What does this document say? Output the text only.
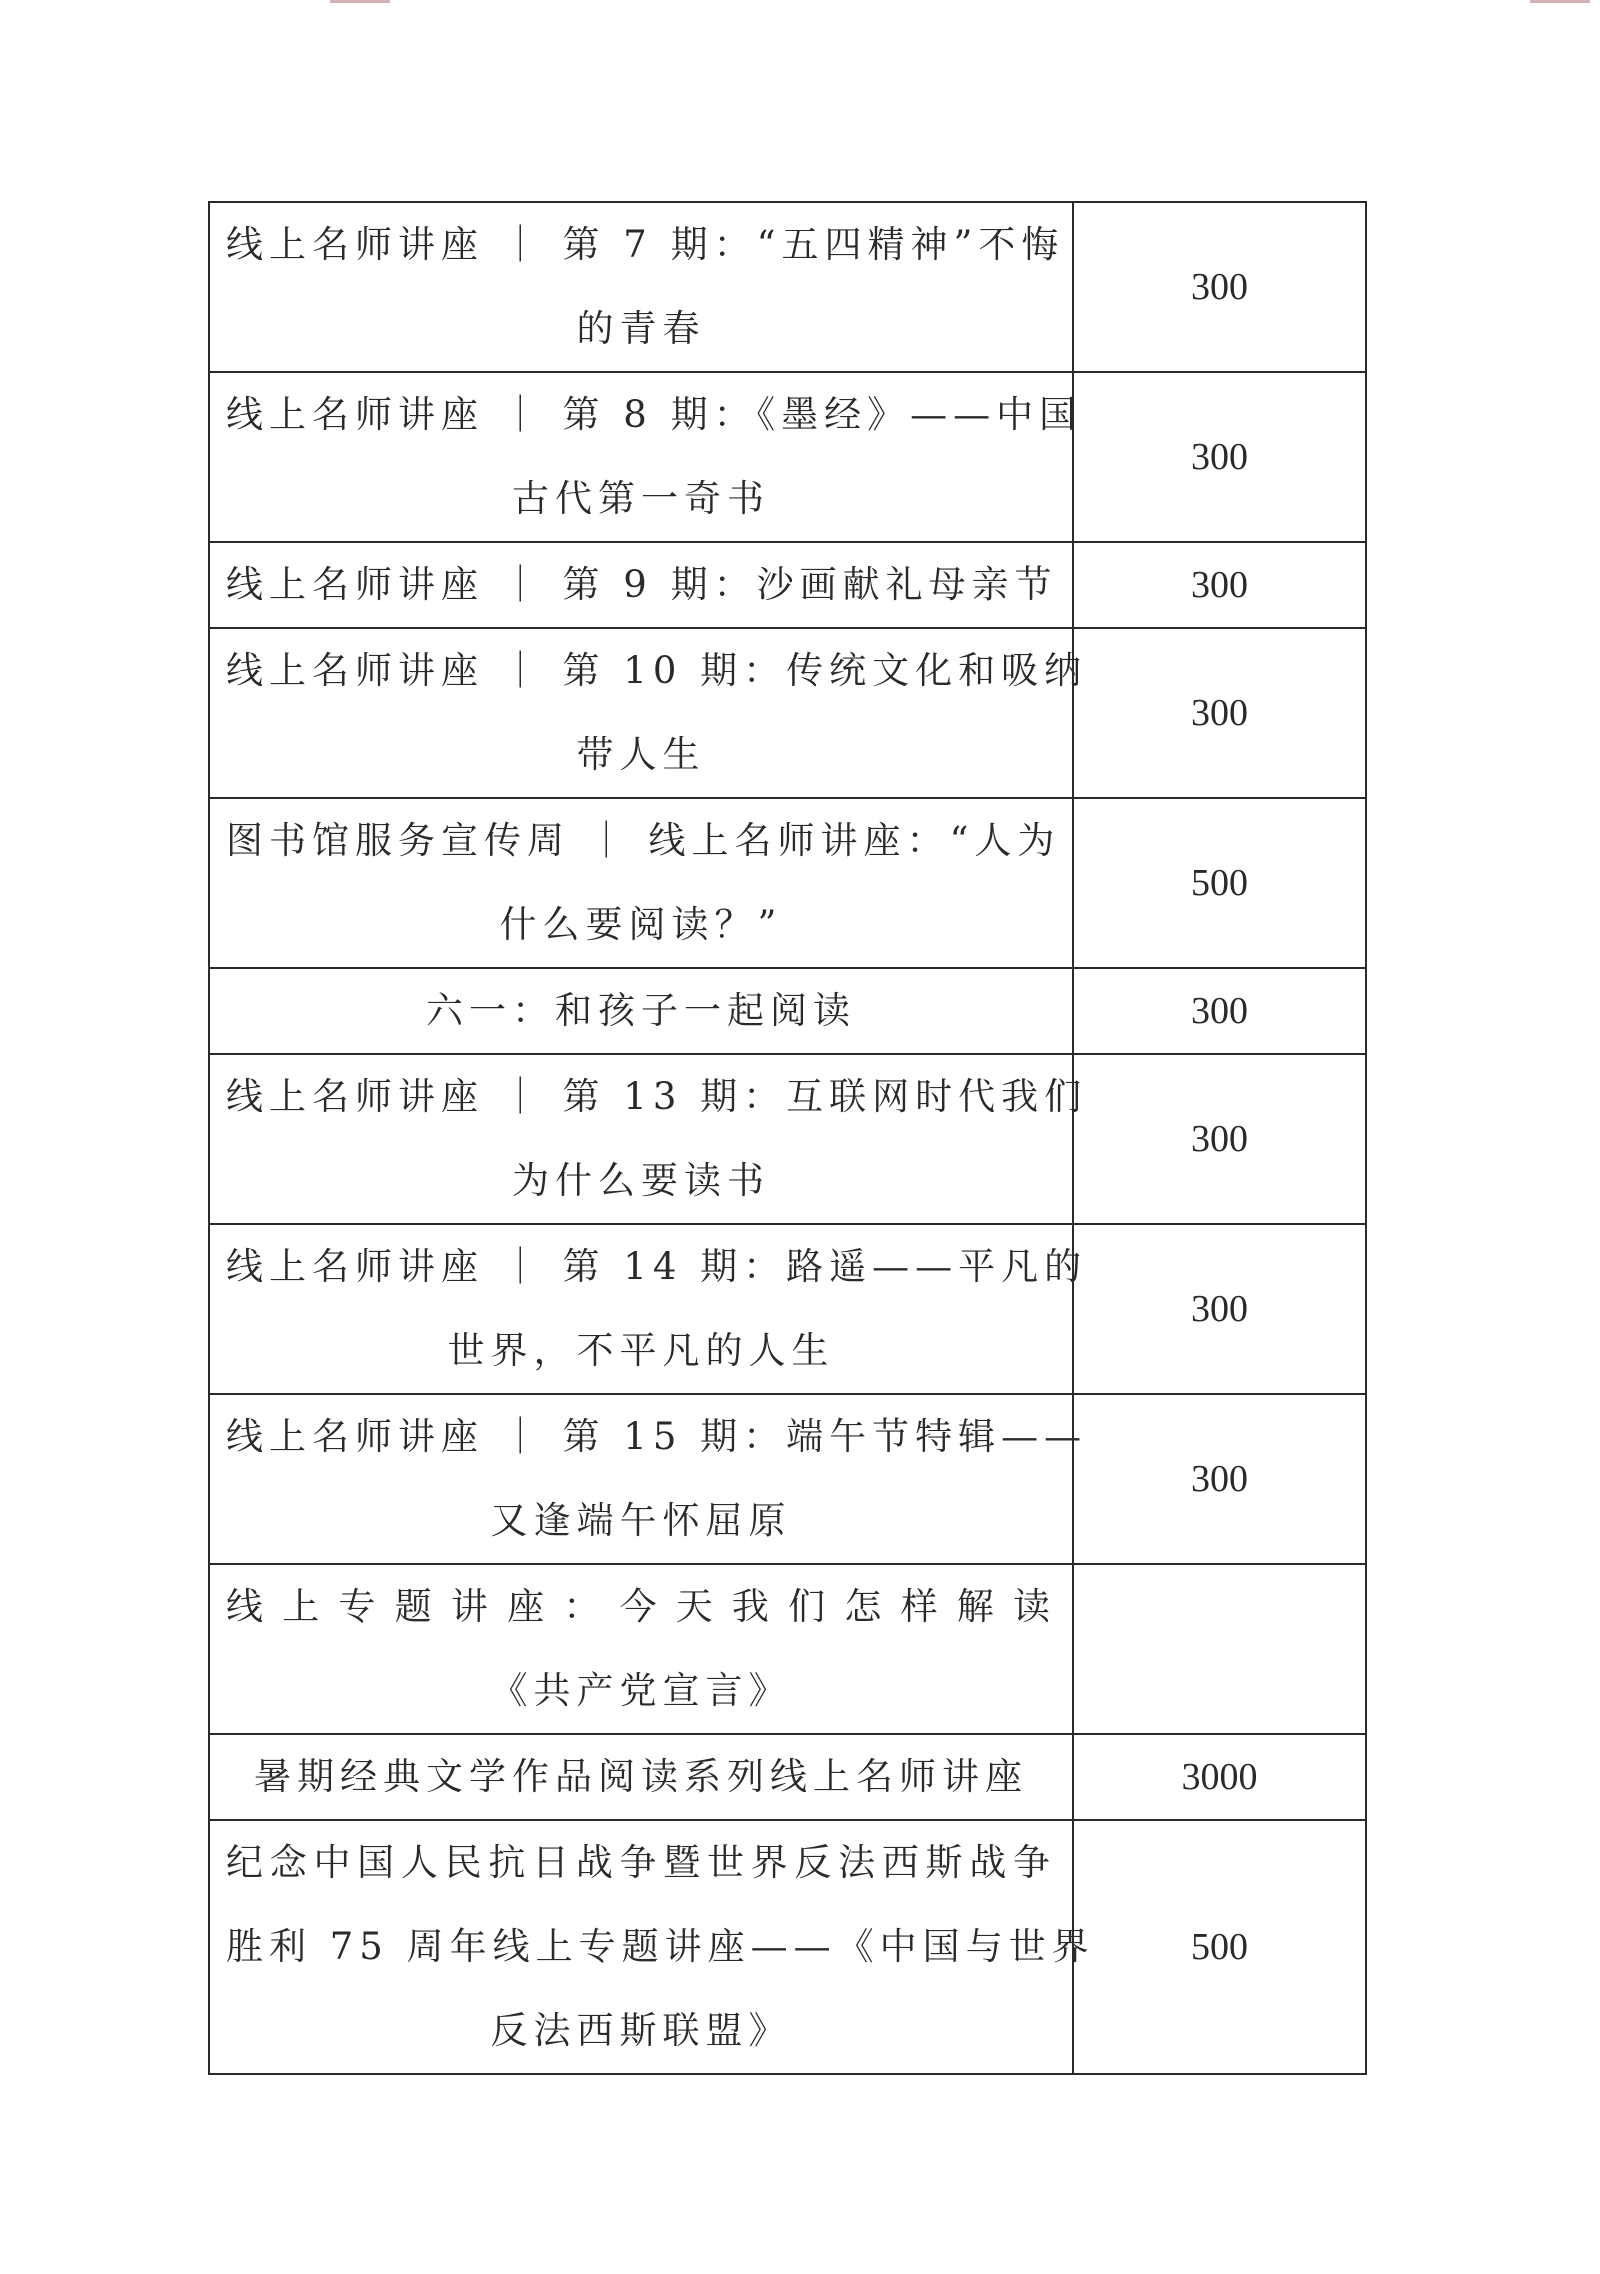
线上名师讲座 ｜ 第 7 期：“五四精神”不悔
的青春	300

线上名师讲座 ｜ 第 8 期：《墨经》——中国
古代第一奇书	300

线上名师讲座 ｜ 第 9 期：沙画献礼母亲节	300

线上名师讲座 ｜ 第 10 期：传统文化和吸纳
带人生	300

图书馆服务宣传周 ｜ 线上名师讲座：“人为
什么要阅读？”	500

六一：和孩子一起阅读	300

线上名师讲座 ｜ 第 13 期：互联网时代我们
为什么要读书	300

线上名师讲座 ｜ 第 14 期：路遥——平凡的
世界，不平凡的人生	300

线上名师讲座 ｜ 第 15 期：端午节特辑——
又逢端午怀屈原	300

线上专题讲座：今天我们怎样解读
《共产党宣言》	

暑期经典文学作品阅读系列线上名师讲座	3000

纪念中国人民抗日战争暨世界反法西斯战争
胜利 75 周年线上专题讲座——《中国与世界
反法西斯联盟》	500
